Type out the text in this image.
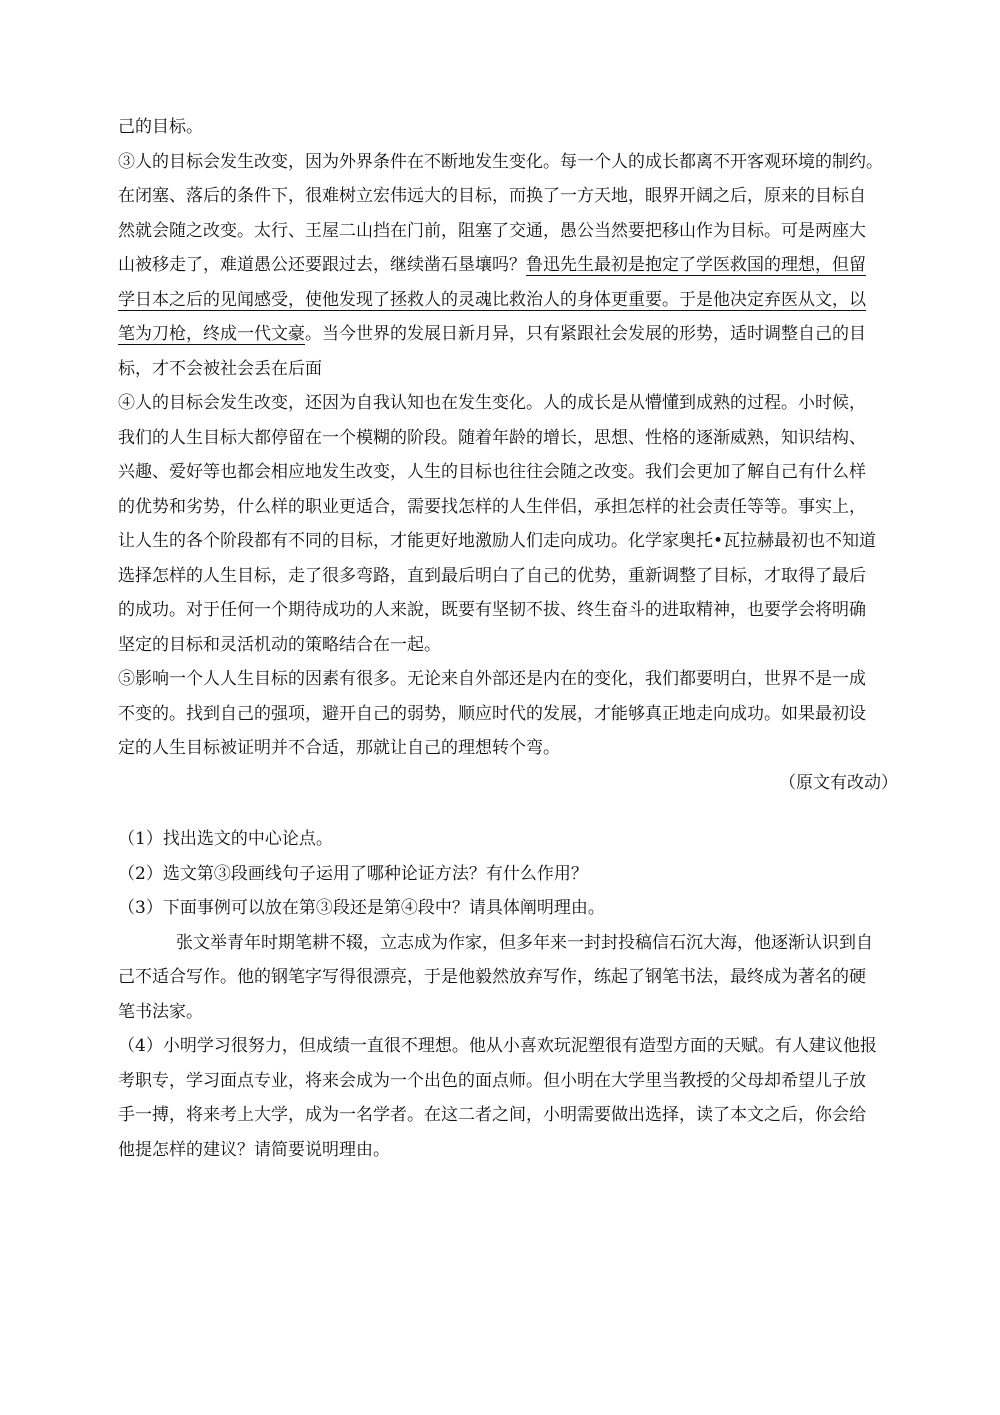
己的目标。
③人的目标会发生改变，因为外界条件在不断地发生变化。每一个人的成长都离不开客观环境的制约。
在闭塞、落后的条件下，很难树立宏伟远大的目标，而换了一方天地，眼界开阔之后，原来的目标自
然就会随之改变。太行、王屋二山挡在门前，阻塞了交通，愚公当然要把移山作为目标。可是两座大
山被移走了，难道愚公还要跟过去，继续凿石垦壤吗？鲁迅先生最初是抱定了学医救国的理想，但留
学日本之后的见闻感受，使他发现了拯救人的灵魂比救治人的身体更重要。于是他决定弃医从文，以
笔为刀枪，终成一代文豪。当今世界的发展日新月异，只有紧跟社会发展的形势，适时调整自己的目
标，才不会被社会丢在后面
④人的目标会发生改变，还因为自我认知也在发生变化。人的成长是从懵懂到成熟的过程。小时候，
我们的人生目标大都停留在一个模糊的阶段。随着年龄的增长，思想、性格的逐渐威熟，知识结构、
兴趣、爱好等也都会相应地发生改变，人生的目标也往往会随之改变。我们会更加了解自己有什么样
的优势和劣势，什么样的职业更适合，需要找怎样的人生伴侣，承担怎样的社会责任等等。事实上，
让人生的各个阶段都有不同的目标，才能更好地激励人们走向成功。化学家奥托•瓦拉赫最初也不知道
选择怎样的人生目标，走了很多弯路，直到最后明白了自己的优势，重新调整了目标，才取得了最后
的成功。对于任何一个期待成功的人来說，既要有坚韧不拔、终生奋斗的进取精神，也要学会将明确
坚定的目标和灵活机动的策略结合在一起。
⑤影响一个人人生目标的因素有很多。无论来自外部还是内在的变化，我们都要明白，世界不是一成
不变的。找到自己的强项，避开自己的弱势，顺应时代的发展，才能够真正地走向成功。如果最初设
定的人生目标被证明并不合适，那就让自己的理想转个弯。
（原文有改动）
（1）找出选文的中心论点。
（2）选文第③段画线句子运用了哪种论证方法？有什么作用？
（3）下面事例可以放在第③段还是第④段中？请具体阐明理由。
张文举青年时期笔耕不辍，立志成为作家，但多年来一封封投稿信石沉大海，他逐渐认识到自
己不适合写作。他的钢笔字写得很漂亮，于是他毅然放弃写作，练起了钢笔书法，最终成为著名的硬
笔书法家。
（4）小明学习很努力，但成绩一直很不理想。他从小喜欢玩泥塑很有造型方面的天赋。有人建议他报
考职专，学习面点专业，将来会成为一个出色的面点师。但小明在大学里当教授的父母却希望儿子放
手一搏，将来考上大学，成为一名学者。在这二者之间，小明需要做出选择，读了本文之后，你会给
他提怎样的建议？请简要说明理由。
